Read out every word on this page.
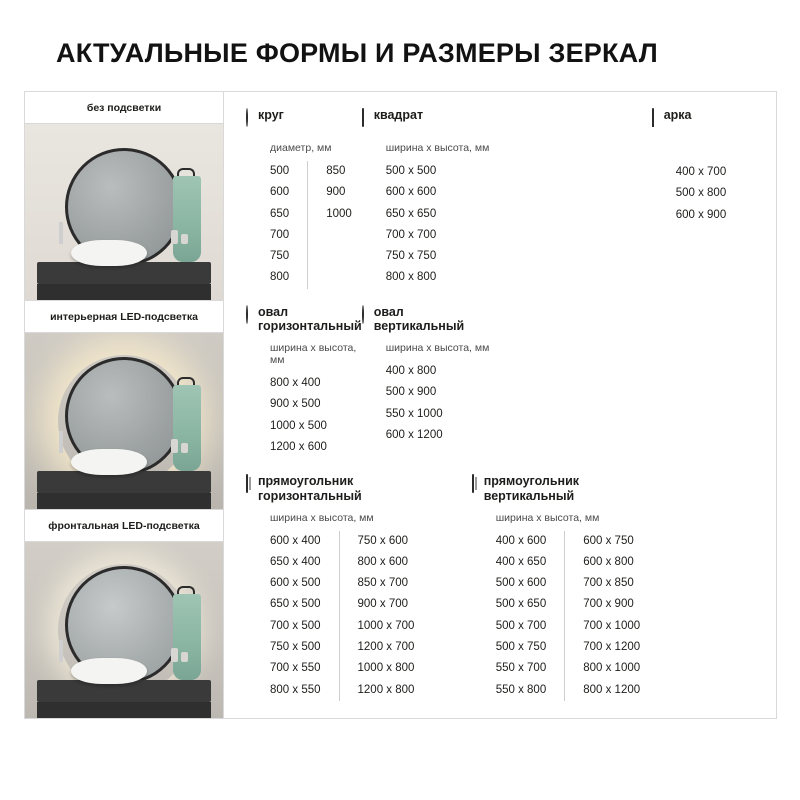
АКТУАЛЬНЫЕ ФОРМЫ И РАЗМЕРЫ ЗЕРКАЛ
без подсветки
интерьерная LED-подсветка
фронтальная LED-подсветка
круг
диаметр, мм
500
600
650
700
750
800
850
900
1000
квадрат
ширина х высота, мм
500 х 500
600 х 600
650 х 650
700 х 700
750 х 750
800 х 800
арка
400 х 700
500 х 800
600 х 900
овал
горизонтальный
ширина х высота, мм
800 х 400
900 х 500
1000 х 500
1200 х 600
овал
вертикальный
ширина х высота, мм
400 х 800
500 х 900
550 х 1000
600 х 1200
прямоугольник
горизонтальный
ширина х высота, мм
600 х 400
650 х 400
600 х 500
650 х 500
700 х 500
750 х 500
700 х 550
800 х 550
750 х 600
800 х 600
850 х 700
900 х 700
1000 х 700
1200 х 700
1000 х 800
1200 х 800
прямоугольник
вертикальный
ширина х высота, мм
400 х 600
400 х 650
500 х 600
500 х 650
500 х 700
500 х 750
550 х 700
550 х 800
600 х 750
600 х 800
700 х 850
700 х 900
700 х 1000
700 х 1200
800 х 1000
800 х 1200
